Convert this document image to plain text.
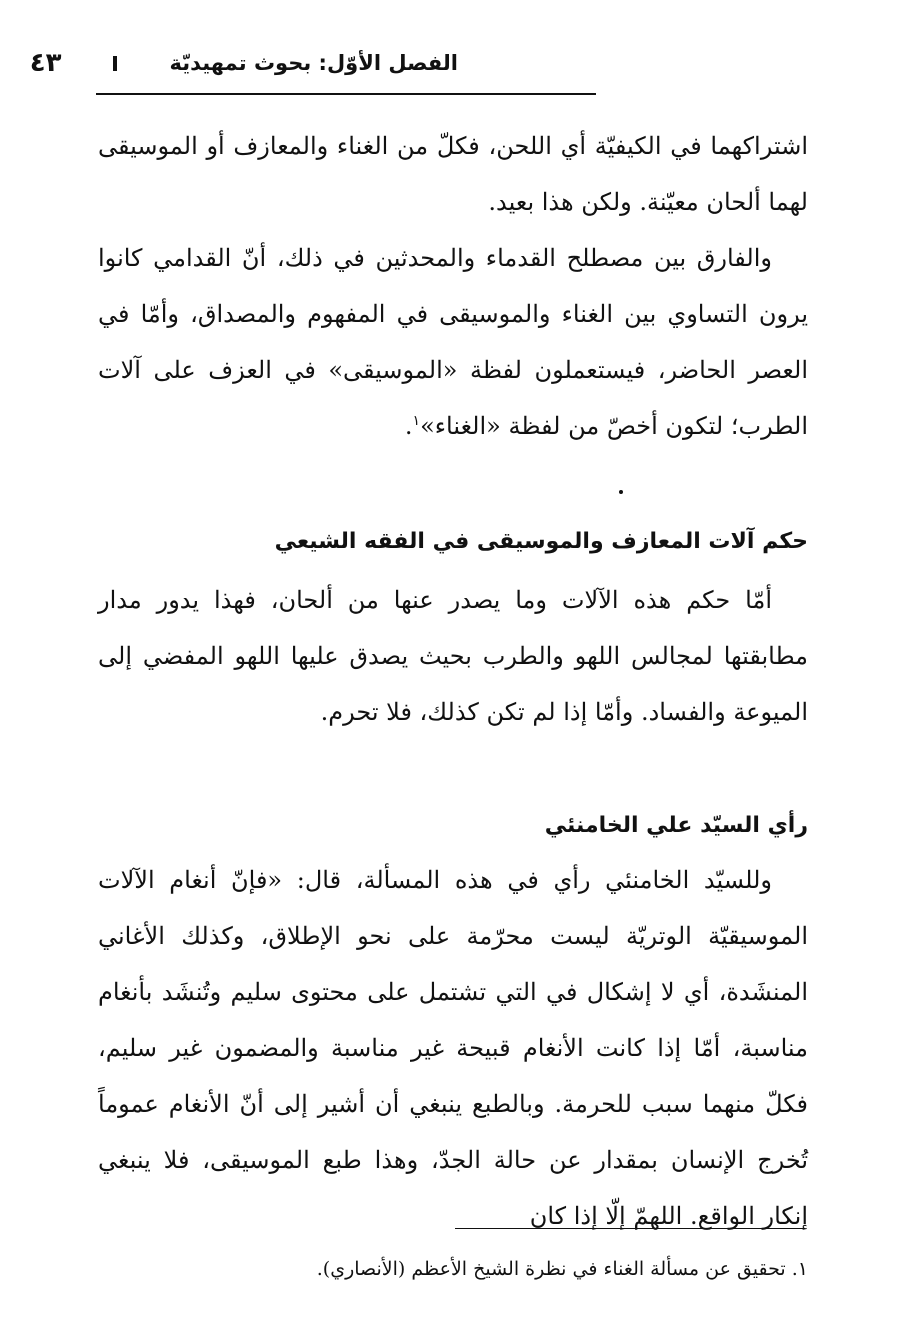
الفصل الأوّل: بحوث تمهيديّة
٤٣

اشتراكهما في الكيفيّة أي اللحن، فكلّ من الغناء والمعازف أو الموسيقى لهما ألحان معيّنة. ولكن هذا بعيد.

والفارق بين مصطلح القدماء والمحدثين في ذلك، أنّ القدامي كانوا يرون التساوي بين الغناء والموسيقى في المفهوم والمصداق، وأمّا في العصر الحاضر، فيستعملون لفظة «الموسيقى» في العزف على آلات الطرب؛ لتكون أخصّ من لفظة «الغناء»$^١$.

حكم آلات المعازف والموسيقى في الفقه الشيعي

أمّا حكم هذه الآلات وما يصدر عنها من ألحان، فهذا يدور مدار مطابقتها لمجالس اللهو والطرب بحيث يصدق عليها اللهو المفضي إلى الميوعة والفساد. وأمّا إذا لم تكن كذلك، فلا تحرم.

رأي السيّد علي الخامنئي

وللسيّد الخامنئي رأي في هذه المسألة، قال: «فإنّ أنغام الآلات الموسيقيّة الوتريّة ليست محرّمة على نحو الإطلاق، وكذلك الأغاني المنشَدة، أي لا إشكال في التي تشتمل على محتوى سليم وتُنشَد بأنغام مناسبة، أمّا إذا كانت الأنغام قبيحة غير مناسبة والمضمون غير سليم، فكلّ منهما سبب للحرمة. وبالطبع ينبغي أن أشير إلى أنّ الأنغام عموماً تُخرج الإنسان بمقدار عن حالة الجدّ، وهذا طبع الموسيقى، فلا ينبغي إنكار الواقع. اللهمّ إلّا إذا كان

١. تحقيق عن مسألة الغناء في نظرة الشيخ الأعظم (الأنصاري).
